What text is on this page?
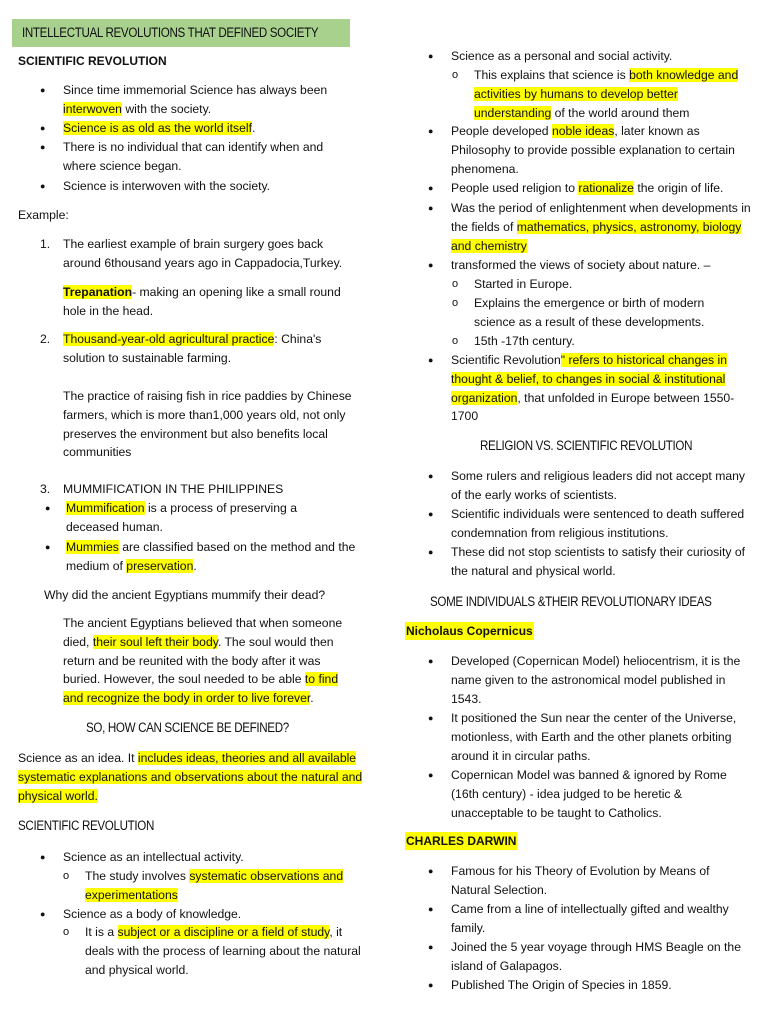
INTELLECTUAL REVOLUTIONS THAT DEFINED SOCIETY
SCIENTIFIC REVOLUTION
● Since time immemorial Science has always been interwoven with the society.
● Science is as old as the world itself.
● There is no individual that can identify when and where science began.
● Science is interwoven with the society.
Example:
1. The earliest example of brain surgery goes back around 6thousand years ago in Cappadocia,Turkey.
Trepanation- making an opening like a small round hole in the head.
2. Thousand-year-old agricultural practice: China's solution to sustainable farming.
The practice of raising fish in rice paddies by Chinese farmers, which is more than1,000 years old, not only preserves the environment but also benefits local communities
3. MUMMIFICATION IN THE PHILIPPINES
● Mummification is a process of preserving a deceased human.
● Mummies are classified based on the method and the medium of preservation.
Why did the ancient Egyptians mummify their dead?
The ancient Egyptians believed that when someone died, their soul left their body. The soul would then return and be reunited with the body after it was buried. However, the soul needed to be able to find and recognize the body in order to live forever.
SO, HOW CAN SCIENCE BE DEFINED?
Science as an idea. It includes ideas, theories and all available systematic explanations and observations about the natural and physical world.
SCIENTIFIC REVOLUTION
● Science as an intellectual activity.
o The study involves systematic observations and experimentations
● Science as a body of knowledge.
o It is a subject or a discipline or a field of study, it deals with the process of learning about the natural and physical world.
● Science as a personal and social activity.
o This explains that science is both knowledge and activities by humans to develop better understanding of the world around them
● People developed noble ideas, later known as Philosophy to provide possible explanation to certain phenomena.
● People used religion to rationalize the origin of life.
● Was the period of enlightenment when developments in the fields of mathematics, physics, astronomy, biology and chemistry
● transformed the views of society about nature. –
o Started in Europe.
o Explains the emergence or birth of modern science as a result of these developments.
o 15th -17th century.
● Scientific Revolution" refers to historical changes in thought & belief, to changes in social & institutional organization, that unfolded in Europe between 1550-1700
RELIGION VS. SCIENTIFIC REVOLUTION
● Some rulers and religious leaders did not accept many of the early works of scientists.
● Scientific individuals were sentenced to death suffered condemnation from religious institutions.
● These did not stop scientists to satisfy their curiosity of the natural and physical world.
SOME INDIVIDUALS &THEIR REVOLUTIONARY IDEAS
Nicholaus Copernicus
● Developed (Copernican Model) heliocentrism, it is the name given to the astronomical model published in 1543.
● It positioned the Sun near the center of the Universe, motionless, with Earth and the other planets orbiting around it in circular paths.
● Copernican Model was banned & ignored by Rome (16th century) - idea judged to be heretic & unacceptable to be taught to Catholics.
CHARLES DARWIN
● Famous for his Theory of Evolution by Means of Natural Selection.
● Came from a line of intellectually gifted and wealthy family.
● Joined the 5 year voyage through HMS Beagle on the island of Galapagos.
● Published The Origin of Species in 1859.
